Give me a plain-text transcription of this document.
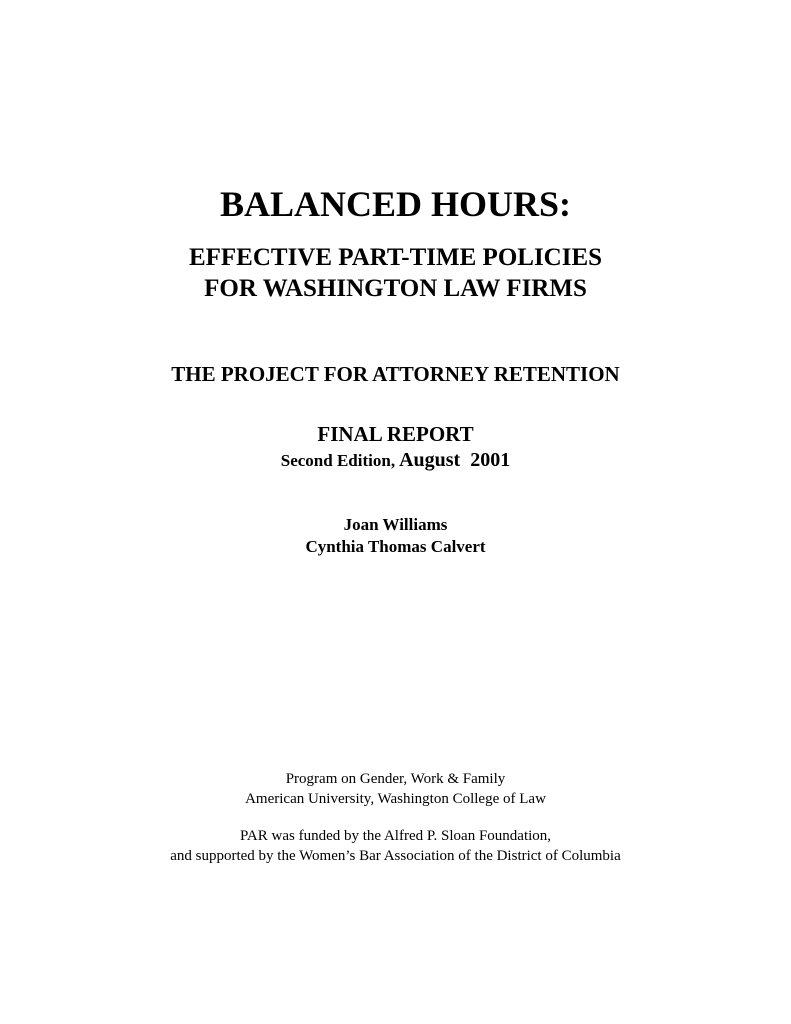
BALANCED HOURS:
EFFECTIVE PART-TIME POLICIES
FOR WASHINGTON LAW FIRMS
THE PROJECT FOR ATTORNEY RETENTION
FINAL REPORT
Second Edition, August  2001
Joan Williams
Cynthia Thomas Calvert
Program on Gender, Work & Family
American University, Washington College of Law
PAR was funded by the Alfred P. Sloan Foundation,
and supported by the Women’s Bar Association of the District of Columbia
